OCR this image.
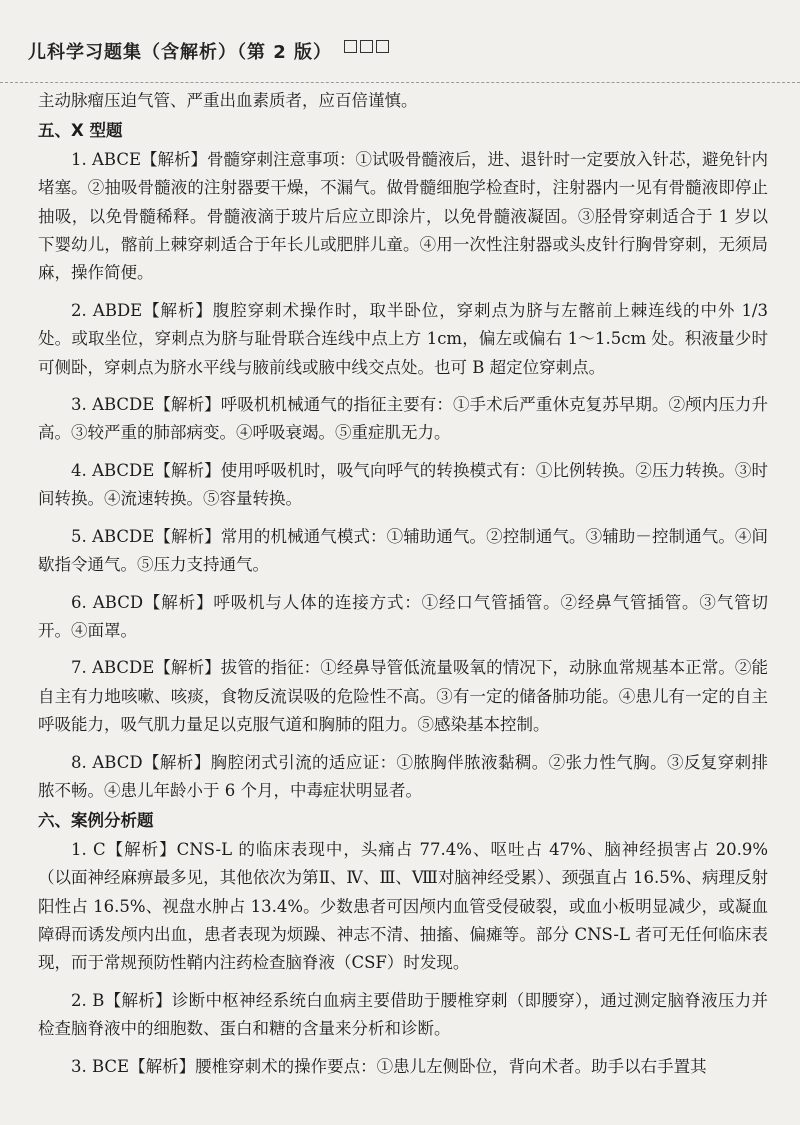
儿科学习题集（含解析）（第 2 版）

主动脉瘤压迫气管、严重出血素质者，应百倍谨慎。

五、X 型题

1. ABCE【解析】骨髓穿刺注意事项：①试吸骨髓液后，进、退针时一定要放入针芯，避免针内堵塞。②抽吸骨髓液的注射器要干燥，不漏气。做骨髓细胞学检查时，注射器内一见有骨髓液即停止抽吸，以免骨髓稀释。骨髓液滴于玻片后应立即涂片，以免骨髓液凝固。③胫骨穿刺适合于 1 岁以下婴幼儿，髂前上棘穿刺适合于年长儿或肥胖儿童。④用一次性注射器或头皮针行胸骨穿刺，无须局麻，操作简便。

2. ABDE【解析】腹腔穿刺术操作时，取半卧位，穿刺点为脐与左髂前上棘连线的中外 1/3 处。或取坐位，穿刺点为脐与耻骨联合连线中点上方 1cm，偏左或偏右 1～1.5cm 处。积液量少时可侧卧，穿刺点为脐水平线与腋前线或腋中线交点处。也可 B 超定位穿刺点。

3. ABCDE【解析】呼吸机机械通气的指征主要有：①手术后严重休克复苏早期。②颅内压力升高。③较严重的肺部病变。④呼吸衰竭。⑤重症肌无力。

4. ABCDE【解析】使用呼吸机时，吸气向呼气的转换模式有：①比例转换。②压力转换。③时间转换。④流速转换。⑤容量转换。

5. ABCDE【解析】常用的机械通气模式：①辅助通气。②控制通气。③辅助－控制通气。④间歇指令通气。⑤压力支持通气。

6. ABCD【解析】呼吸机与人体的连接方式：①经口气管插管。②经鼻气管插管。③气管切开。④面罩。

7. ABCDE【解析】拔管的指征：①经鼻导管低流量吸氧的情况下，动脉血常规基本正常。②能自主有力地咳嗽、咳痰，食物反流误吸的危险性不高。③有一定的储备肺功能。④患儿有一定的自主呼吸能力，吸气肌力量足以克服气道和胸肺的阻力。⑤感染基本控制。

8. ABCD【解析】胸腔闭式引流的适应证：①脓胸伴脓液黏稠。②张力性气胸。③反复穿刺排脓不畅。④患儿年龄小于 6 个月，中毒症状明显者。

六、案例分析题

1. C【解析】CNS-L 的临床表现中，头痛占 77.4%、呕吐占 47%、脑神经损害占 20.9%（以面神经麻痹最多见，其他依次为第Ⅱ、Ⅳ、Ⅲ、Ⅷ对脑神经受累）、颈强直占 16.5%、病理反射阳性占 16.5%、视盘水肿占 13.4%。少数患者可因颅内血管受侵破裂，或血小板明显减少，或凝血障碍而诱发颅内出血，患者表现为烦躁、神志不清、抽搐、偏瘫等。部分 CNS-L 者可无任何临床表现，而于常规预防性鞘内注药检查脑脊液（CSF）时发现。

2. B【解析】诊断中枢神经系统白血病主要借助于腰椎穿刺（即腰穿），通过测定脑脊液压力并检查脑脊液中的细胞数、蛋白和糖的含量来分析和诊断。

3. BCE【解析】腰椎穿刺术的操作要点：①患儿左侧卧位，背向术者。助手以右手置其
